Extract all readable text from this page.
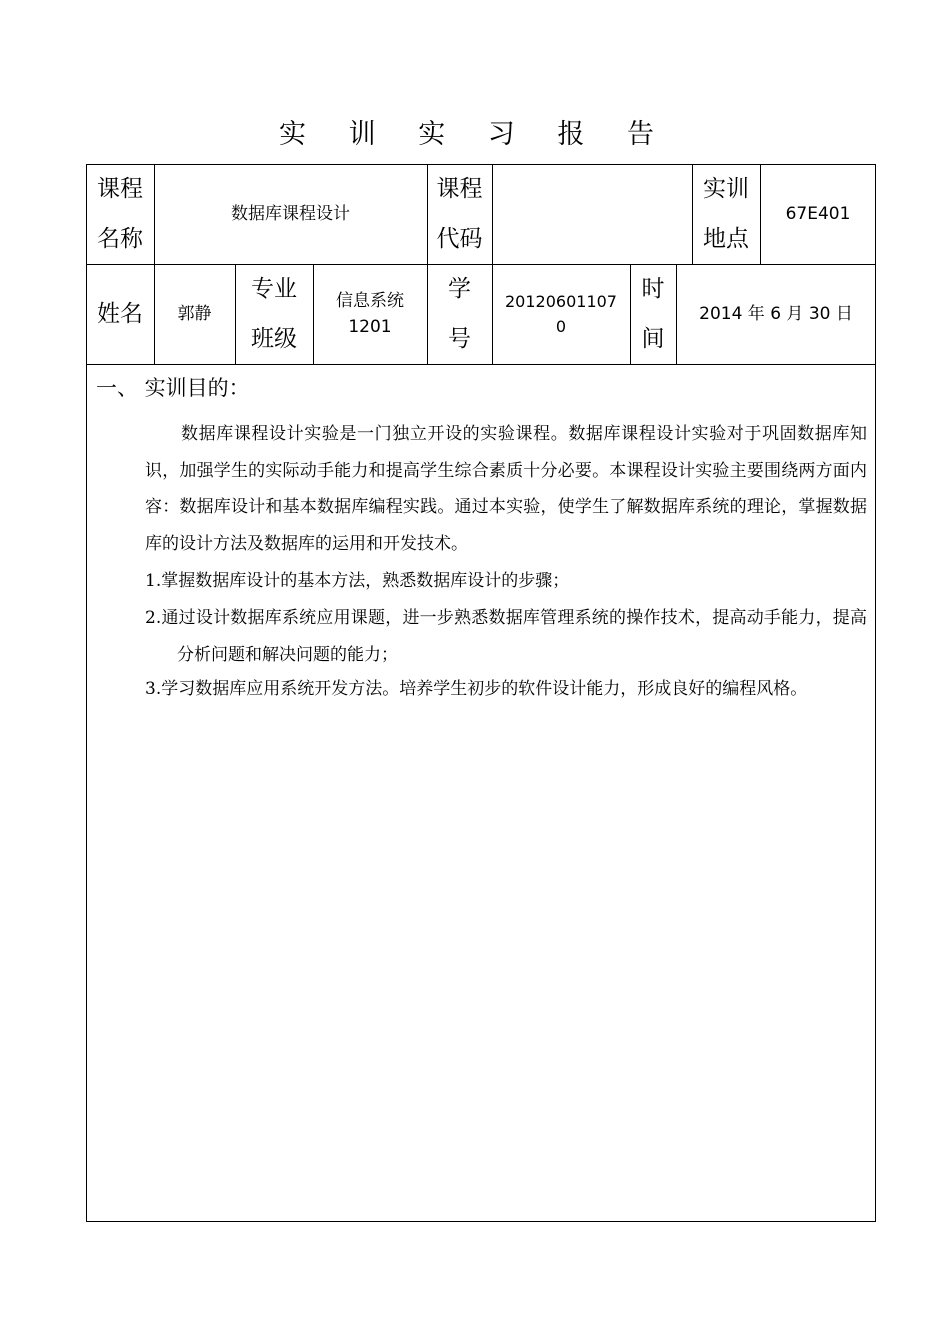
实 训 实 习 报 告
课程
名称
数据库课程设计
课程
代码
实训
地点
67E401
姓名	郭静
专业
班级
信息系统
1201
学
号
20120601107
0
时
间
2014 年 6 月 30 日
一、 实训目的：
数据库课程设计实验是一门独立开设的实验课程。数据库课程设计实验对于巩固数据库知识，加强学生的实际动手能力和提高学生综合素质十分必要。本课程设计实验主要围绕两方面内容：数据库设计和基本数据库编程实践。通过本实验，使学生了解数据库系统的理论，掌握数据库的设计方法及数据库的运用和开发技术。
1.掌握数据库设计的基本方法，熟悉数据库设计的步骤；
2.通过设计数据库系统应用课题，进一步熟悉数据库管理系统的操作技术，提高动手能力，提高分析问题和解决问题的能力；
3.学习数据库应用系统开发方法。培养学生初步的软件设计能力，形成良好的编程风格。
